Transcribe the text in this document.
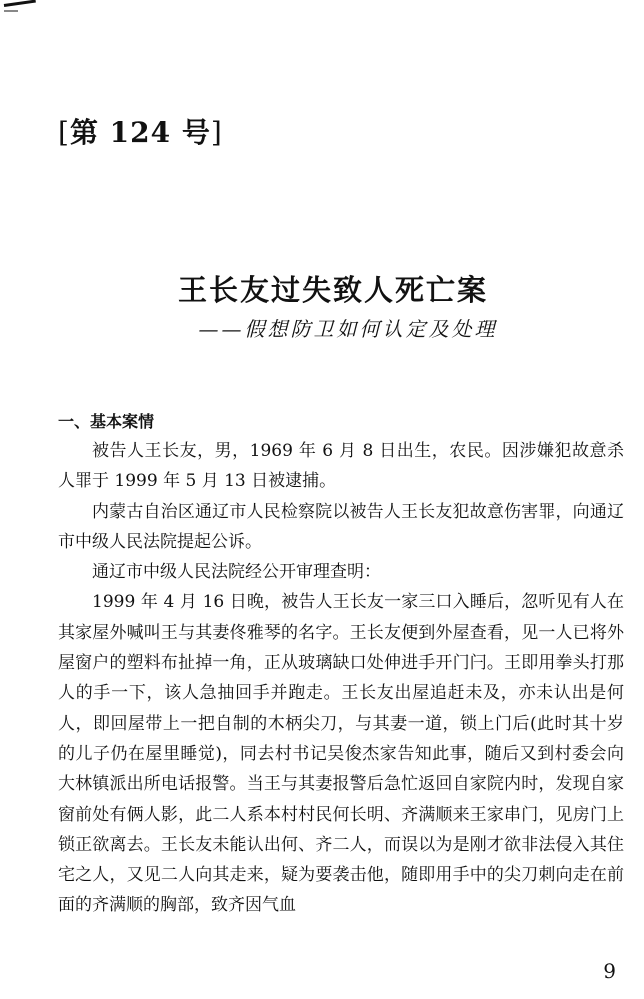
[第 124 号]
王长友过失致人死亡案
——假想防卫如何认定及处理
一、基本案情

被告人王长友，男，1969 年 6 月 8 日出生，农民。因涉嫌犯故意杀人罪于 1999 年 5 月 13 日被逮捕。

内蒙古自治区通辽市人民检察院以被告人王长友犯故意伤害罪，向通辽市中级人民法院提起公诉。

通辽市中级人民法院经公开审理查明：

1999 年 4 月 16 日晚，被告人王长友一家三口入睡后，忽听见有人在其家屋外喊叫王与其妻佟雅琴的名字。王长友便到外屋查看，见一人已将外屋窗户的塑料布扯掉一角，正从玻璃缺口处伸进手开门闩。王即用拳头打那人的手一下，该人急抽回手并跑走。王长友出屋追赶未及，亦未认出是何人，即回屋带上一把自制的木柄尖刀，与其妻一道，锁上门后(此时其十岁的儿子仍在屋里睡觉)，同去村书记吴俊杰家告知此事，随后又到村委会向大林镇派出所电话报警。当王与其妻报警后急忙返回自家院内时，发现自家窗前处有俩人影，此二人系本村村民何长明、齐满顺来王家串门，见房门上锁正欲离去。王长友未能认出何、齐二人，而误以为是刚才欲非法侵入其住宅之人，又见二人向其走来，疑为要袭击他，随即用手中的尖刀刺向走在前面的齐满顺的胸部，致齐因气血

9
